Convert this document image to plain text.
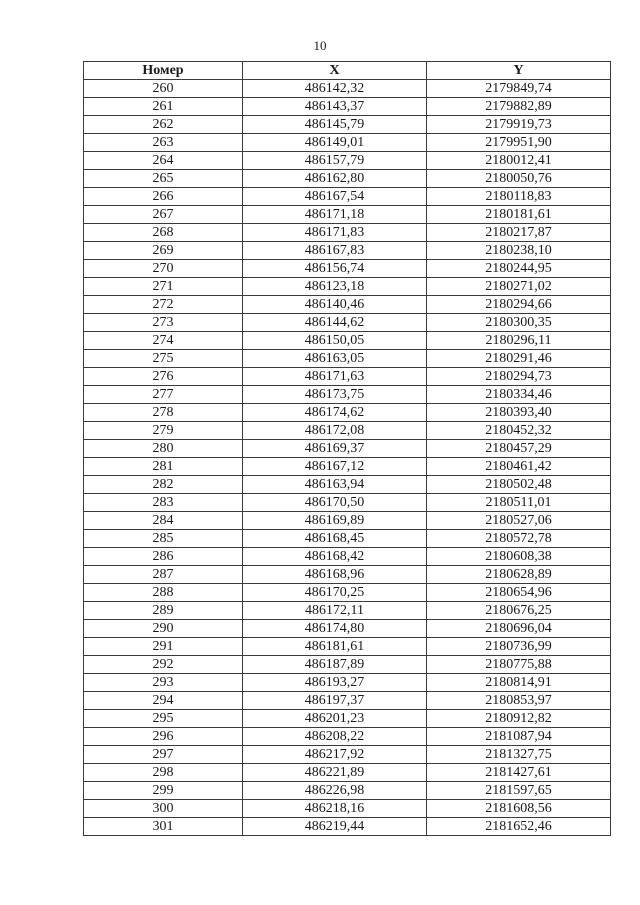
10
Номер	X	Y
260	486142,32	2179849,74
261	486143,37	2179882,89
262	486145,79	2179919,73
263	486149,01	2179951,90
264	486157,79	2180012,41
265	486162,80	2180050,76
266	486167,54	2180118,83
267	486171,18	2180181,61
268	486171,83	2180217,87
269	486167,83	2180238,10
270	486156,74	2180244,95
271	486123,18	2180271,02
272	486140,46	2180294,66
273	486144,62	2180300,35
274	486150,05	2180296,11
275	486163,05	2180291,46
276	486171,63	2180294,73
277	486173,75	2180334,46
278	486174,62	2180393,40
279	486172,08	2180452,32
280	486169,37	2180457,29
281	486167,12	2180461,42
282	486163,94	2180502,48
283	486170,50	2180511,01
284	486169,89	2180527,06
285	486168,45	2180572,78
286	486168,42	2180608,38
287	486168,96	2180628,89
288	486170,25	2180654,96
289	486172,11	2180676,25
290	486174,80	2180696,04
291	486181,61	2180736,99
292	486187,89	2180775,88
293	486193,27	2180814,91
294	486197,37	2180853,97
295	486201,23	2180912,82
296	486208,22	2181087,94
297	486217,92	2181327,75
298	486221,89	2181427,61
299	486226,98	2181597,65
300	486218,16	2181608,56
301	486219,44	2181652,46
